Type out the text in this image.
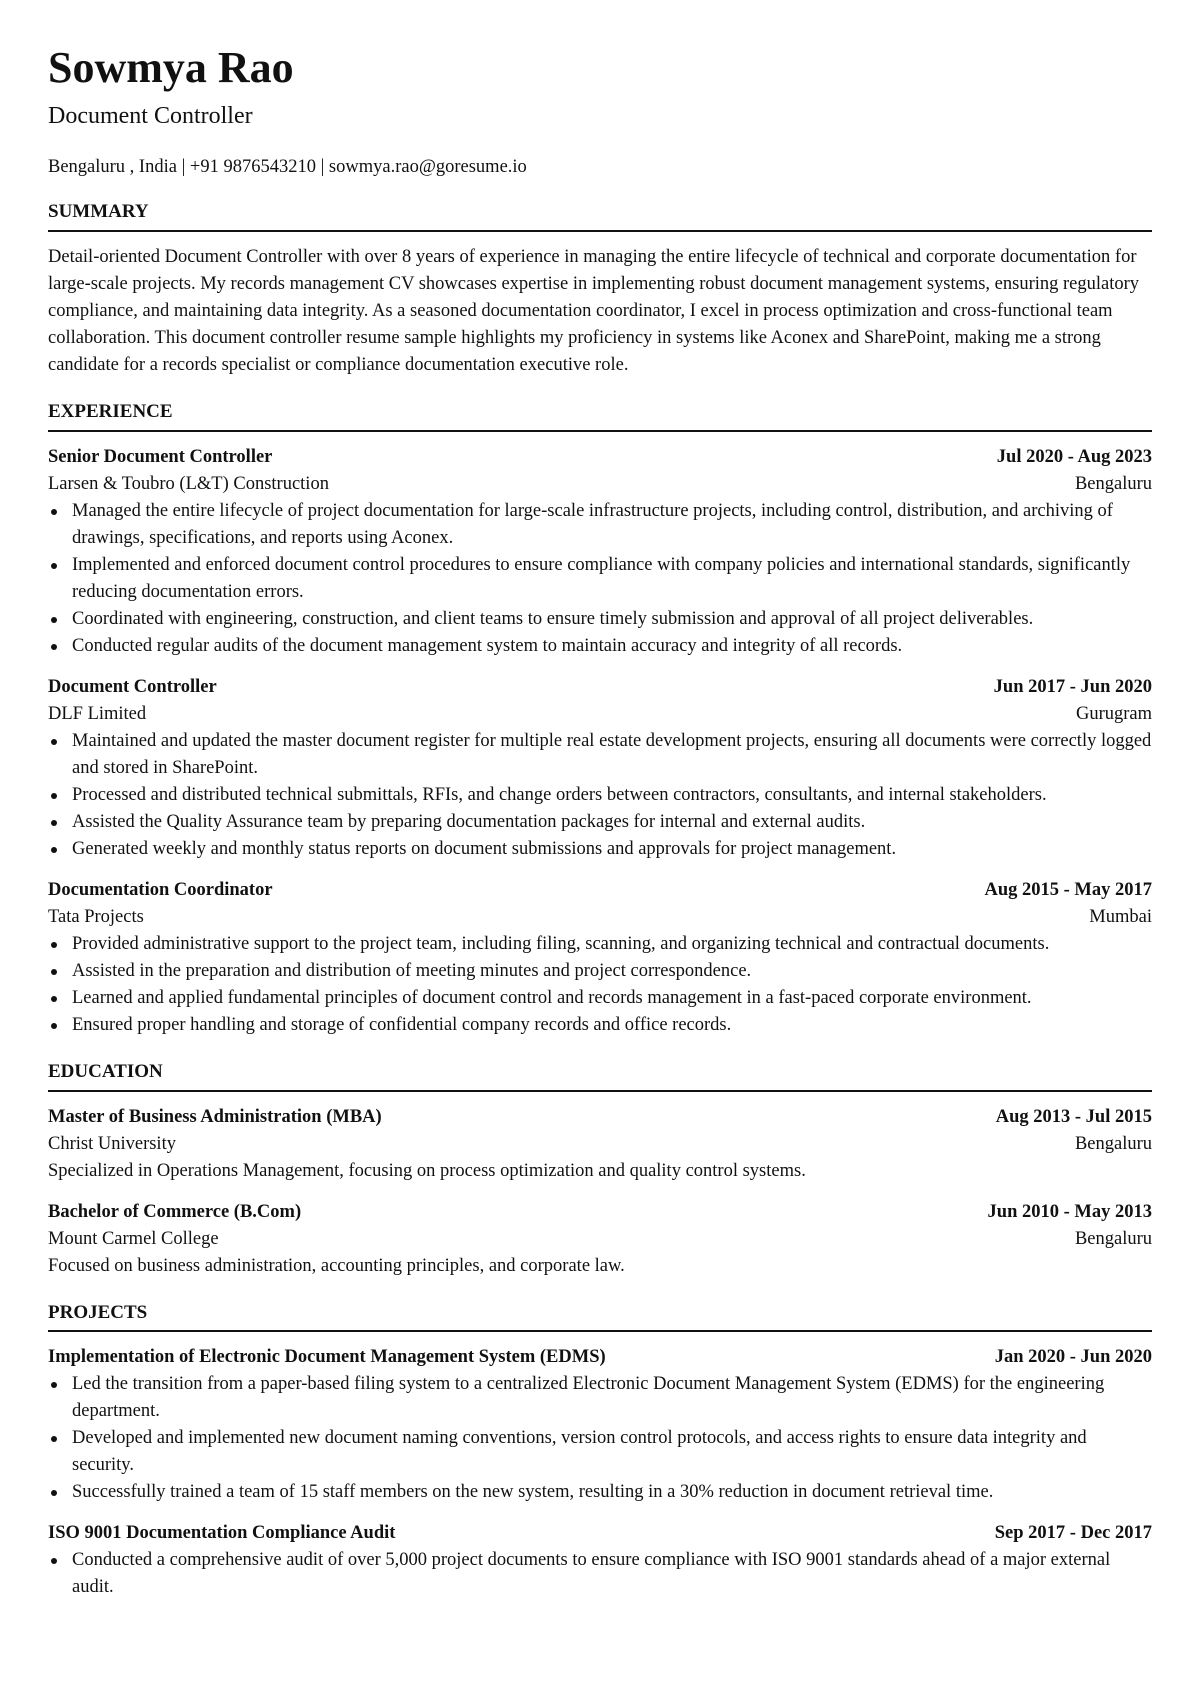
Sowmya Rao
Document Controller
Bengaluru , India | +91 9876543210 | sowmya.rao@goresume.io
SUMMARY
Detail-oriented Document Controller with over 8 years of experience in managing the entire lifecycle of technical and corporate documentation for large-scale projects. My records management CV showcases expertise in implementing robust document management systems, ensuring regulatory compliance, and maintaining data integrity. As a seasoned documentation coordinator, I excel in process optimization and cross-functional team collaboration. This document controller resume sample highlights my proficiency in systems like Aconex and SharePoint, making me a strong candidate for a records specialist or compliance documentation executive role.
EXPERIENCE
Senior Document Controller	Jul 2020 - Aug 2023
Larsen & Toubro (L&T) Construction	Bengaluru
Managed the entire lifecycle of project documentation for large-scale infrastructure projects, including control, distribution, and archiving of drawings, specifications, and reports using Aconex.
Implemented and enforced document control procedures to ensure compliance with company policies and international standards, significantly reducing documentation errors.
Coordinated with engineering, construction, and client teams to ensure timely submission and approval of all project deliverables.
Conducted regular audits of the document management system to maintain accuracy and integrity of all records.
Document Controller	Jun 2017 - Jun 2020
DLF Limited	Gurugram
Maintained and updated the master document register for multiple real estate development projects, ensuring all documents were correctly logged and stored in SharePoint.
Processed and distributed technical submittals, RFIs, and change orders between contractors, consultants, and internal stakeholders.
Assisted the Quality Assurance team by preparing documentation packages for internal and external audits.
Generated weekly and monthly status reports on document submissions and approvals for project management.
Documentation Coordinator	Aug 2015 - May 2017
Tata Projects	Mumbai
Provided administrative support to the project team, including filing, scanning, and organizing technical and contractual documents.
Assisted in the preparation and distribution of meeting minutes and project correspondence.
Learned and applied fundamental principles of document control and records management in a fast-paced corporate environment.
Ensured proper handling and storage of confidential company records and office records.
EDUCATION
Master of Business Administration (MBA)	Aug 2013 - Jul 2015
Christ University	Bengaluru
Specialized in Operations Management, focusing on process optimization and quality control systems.
Bachelor of Commerce (B.Com)	Jun 2010 - May 2013
Mount Carmel College	Bengaluru
Focused on business administration, accounting principles, and corporate law.
PROJECTS
Implementation of Electronic Document Management System (EDMS)	Jan 2020 - Jun 2020
Led the transition from a paper-based filing system to a centralized Electronic Document Management System (EDMS) for the engineering department.
Developed and implemented new document naming conventions, version control protocols, and access rights to ensure data integrity and security.
Successfully trained a team of 15 staff members on the new system, resulting in a 30% reduction in document retrieval time.
ISO 9001 Documentation Compliance Audit	Sep 2017 - Dec 2017
Conducted a comprehensive audit of over 5,000 project documents to ensure compliance with ISO 9001 standards ahead of a major external audit.
